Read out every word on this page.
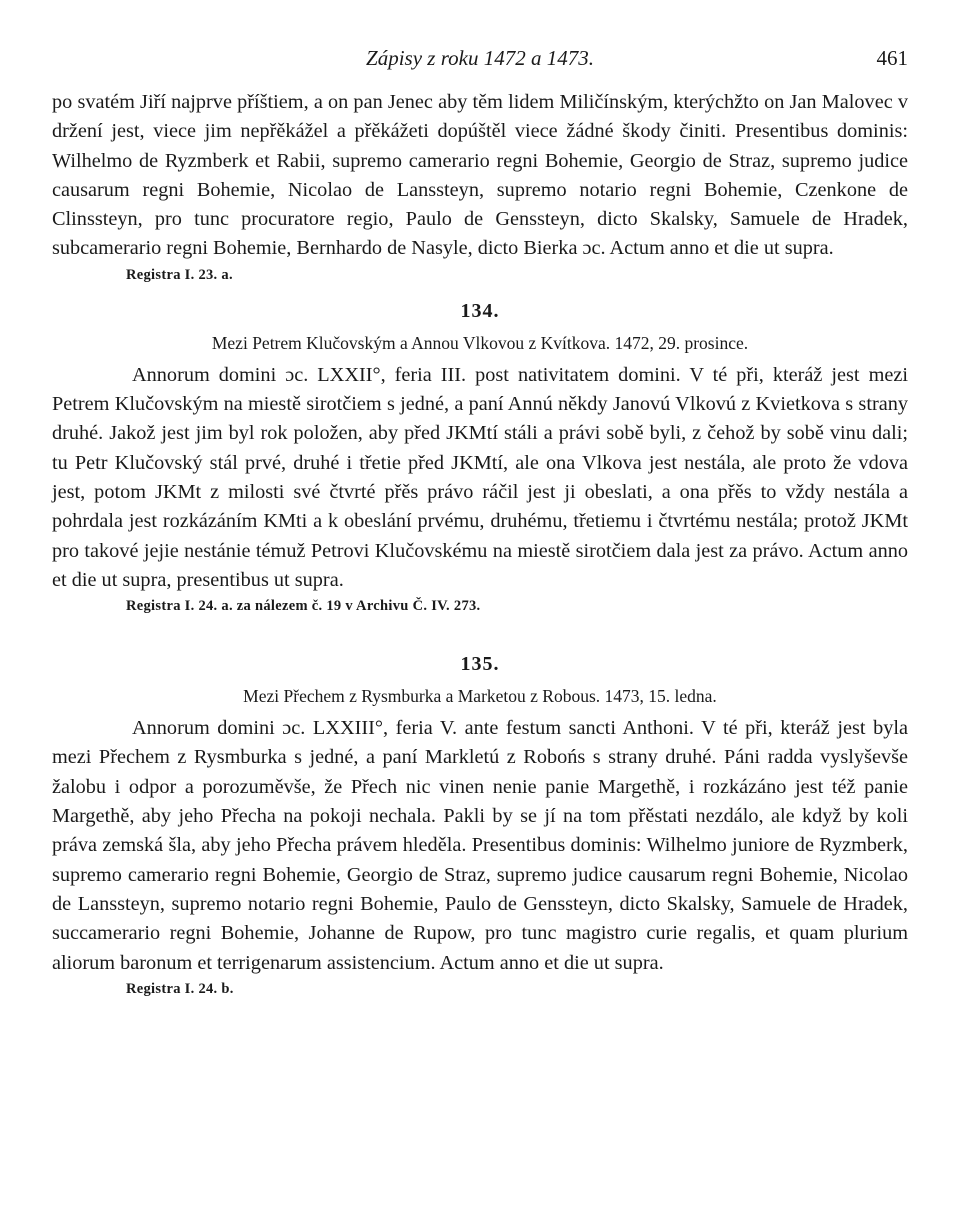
Zápisy z roku 1472 a 1473.	461

po svatém Jiří najprve příštiem, a on pan Jenec aby těm lidem Miličínským, kterýchžto on Jan Malovec v držení jest, viece jim nepřěkážel a přěkážeti dopúštěl viece žádné škody činiti. Presentibus dominis: Wilhelmo de Ryzmberk et Rabii, supremo camerario regni Bohemie, Georgio de Straz, supremo judice causarum regni Bohemie, Nicolao de Lanssteyn, supremo notario regni Bohemie, Czenkone de Clinssteyn, pro tunc procuratore regio, Paulo de Genssteyn, dicto Skalsky, Samuele de Hradek, subcamerario regni Bohemie, Bernhardo de Nasyle, dicto Bierka ɔc. Actum anno et die ut supra.

Registra I. 23. a.
134.
Mezi Petrem Klučovským a Annou Vlkovou z Kvítkova. 1472, 29. prosince.

Annorum domini ɔc. LXXII°, feria III. post nativitatem domini. V té při, kteráž jest mezi Petrem Klučovským na miestě sirotčiem s jedné, a paní Annú někdy Janovú Vlkovú z Kvietkova s strany druhé. Jakož jest jim byl rok položen, aby před JKMtí stáli a právi sobě byli, z čehož by sobě vinu dali; tu Petr Klučovský stál prvé, druhé i třetie před JKMtí, ale ona Vlkova jest nestála, ale proto že vdova jest, potom JKMt z milosti své čtvrté přěs právo ráčil jest ji obeslati, a ona přěs to vždy nestála a pohrdala jest rozkázáním KMti a k obeslání prvému, druhému, třetiemu i čtvrtému nestála; protož JKMt pro takové jejie nestánie témuž Petrovi Klučovskému na miestě sirotčiem dala jest za právo. Actum anno et die ut supra, presentibus ut supra.

Registra I. 24. a. za nálezem č. 19 v Archivu Č. IV. 273.
135.
Mezi Přechem z Rysmburka a Marketou z Robous. 1473, 15. ledna.

Annorum domini ɔc. LXXIII°, feria V. ante festum sancti Anthoni. V té při, kteráž jest byla mezi Přechem z Rysmburka s jedné, a paní Markletú z Robońs s strany druhé. Páni radda vyslyševše žalobu i odpor a porozuměvše, že Přech nic vinen nenie panie Margethě, i rozkázáno jest též panie Margethě, aby jeho Přecha na pokoji nechala. Pakli by se jí na tom přěstati nezdálo, ale když by koli práva zemská šla, aby jeho Přecha právem hleděla. Presentibus dominis: Wilhelmo juniore de Ryzmberk, supremo camerario regni Bohemie, Georgio de Straz, supremo judice causarum regni Bohemie, Nicolao de Lanssteyn, supremo notario regni Bohemie, Paulo de Genssteyn, dicto Skalsky, Samuele de Hradek, succamerario regni Bohemie, Johanne de Rupow, pro tunc magistro curie regalis, et quam plurium aliorum baronum et terrigenarum assistencium. Actum anno et die ut supra.

Registra I. 24. b.
